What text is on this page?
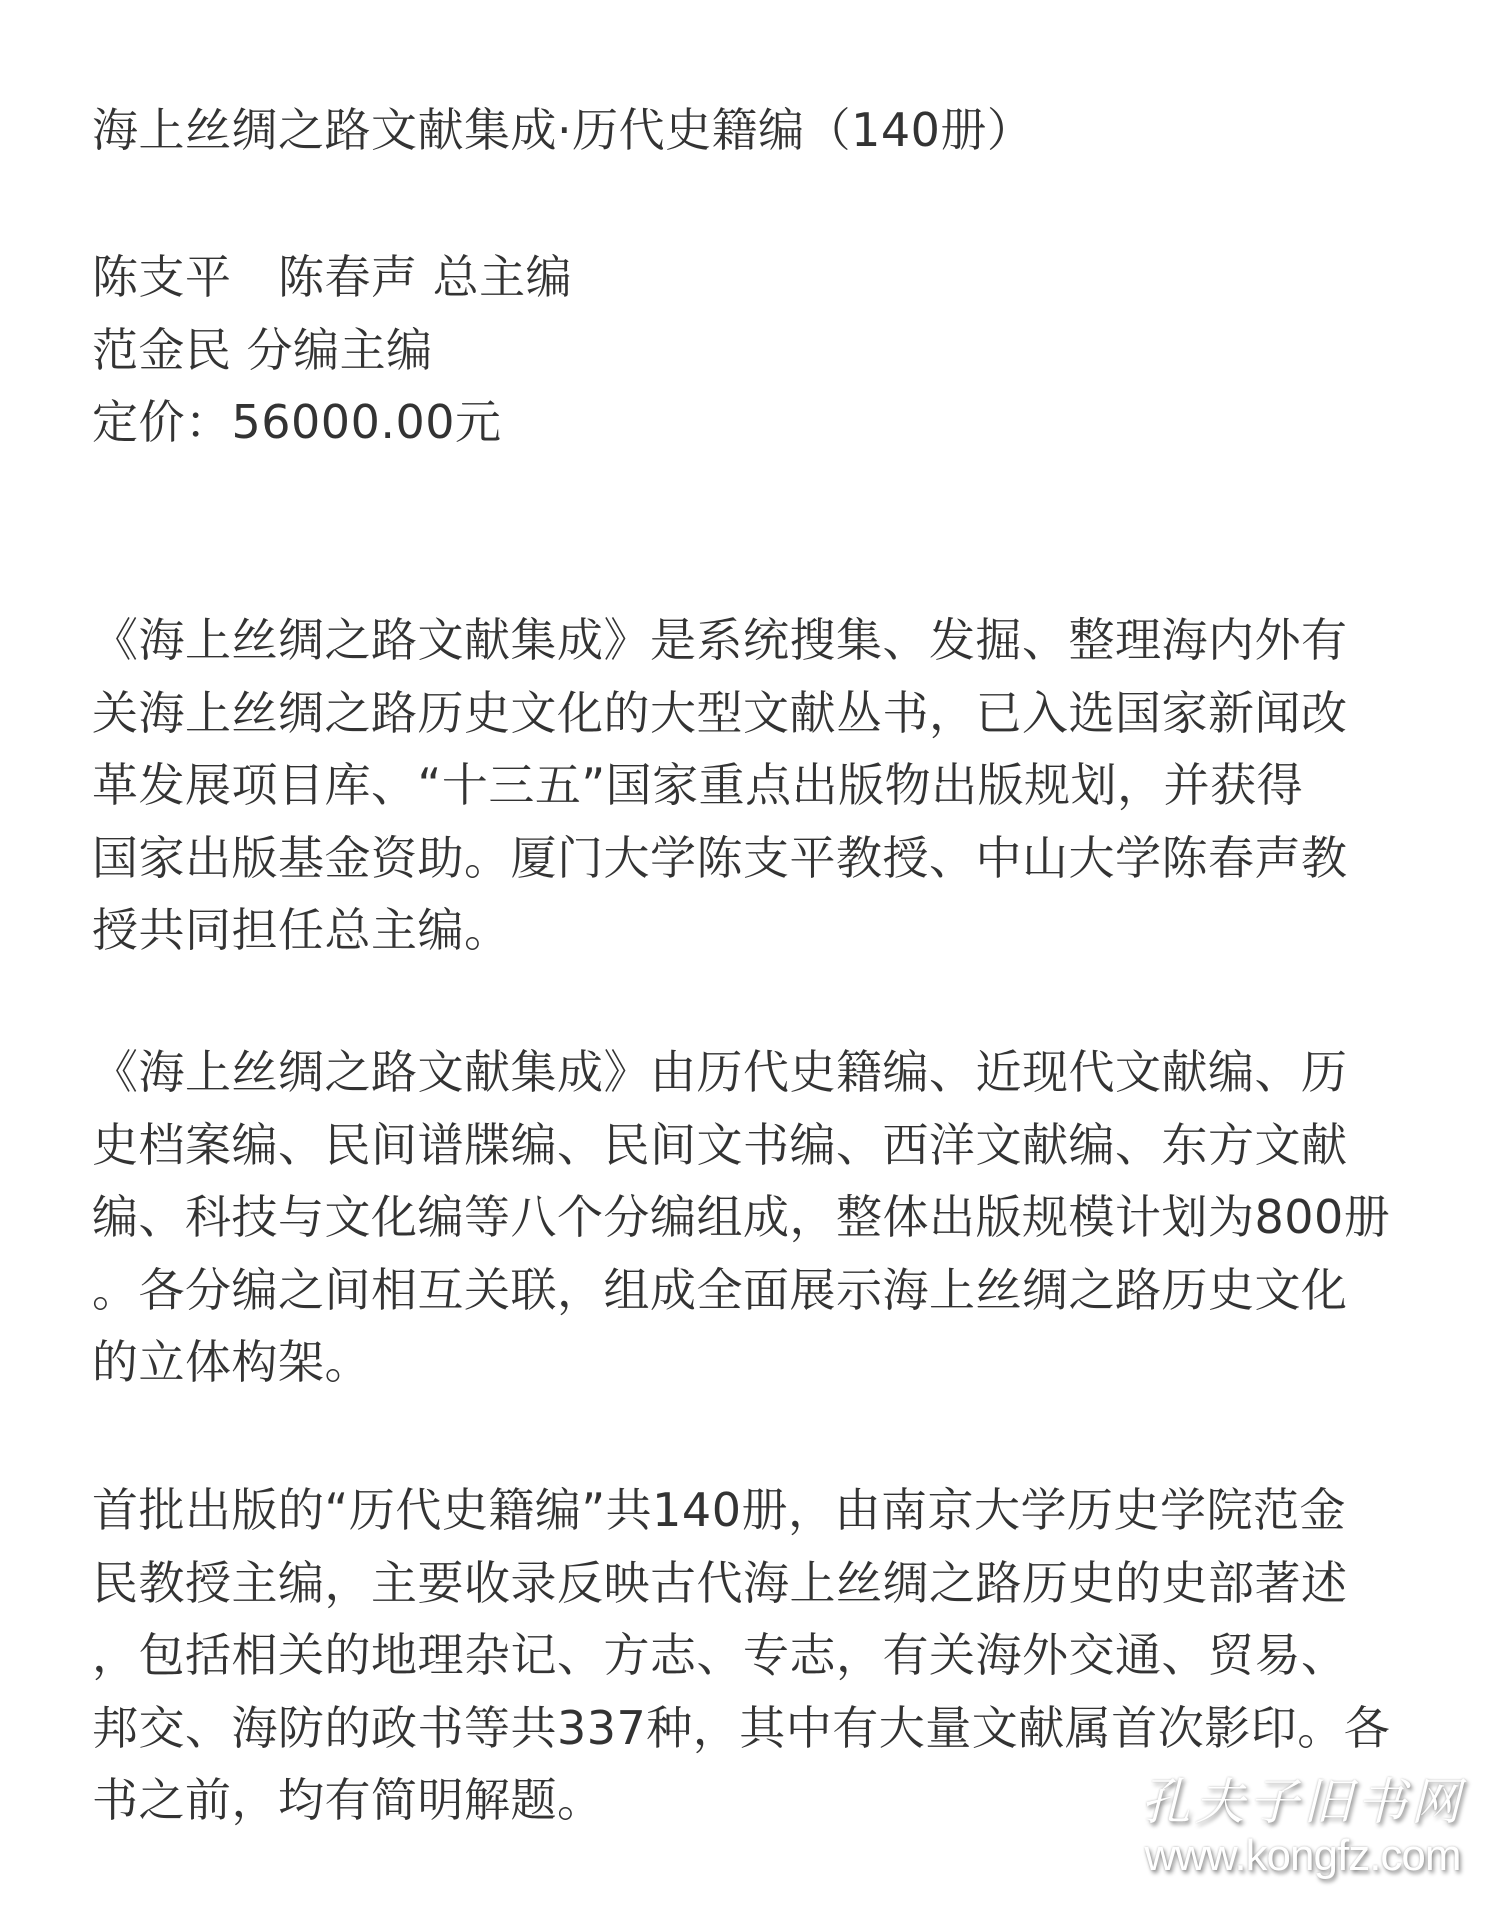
海上丝绸之路文献集成·历代史籍编（140册）
陈支平　陈春声 总主编
范金民 分编主编
定价：56000.00元
《海上丝绸之路文献集成》是系统搜集、发掘、整理海内外有
关海上丝绸之路历史文化的大型文献丛书，已入选国家新闻改
革发展项目库、“十三五”国家重点出版物出版规划，并获得
国家出版基金资助。厦门大学陈支平教授、中山大学陈春声教
授共同担任总主编。
《海上丝绸之路文献集成》由历代史籍编、近现代文献编、历
史档案编、民间谱牒编、民间文书编、西洋文献编、东方文献
编、科技与文化编等八个分编组成，整体出版规模计划为800册
。各分编之间相互关联，组成全面展示海上丝绸之路历史文化
的立体构架。
首批出版的“历代史籍编”共140册，由南京大学历史学院范金
民教授主编，主要收录反映古代海上丝绸之路历史的史部著述
，包括相关的地理杂记、方志、专志，有关海外交通、贸易、
邦交、海防的政书等共337种，其中有大量文献属首次影印。各
书之前，均有简明解题。	孔夫子旧书网
www.kongfz.com
